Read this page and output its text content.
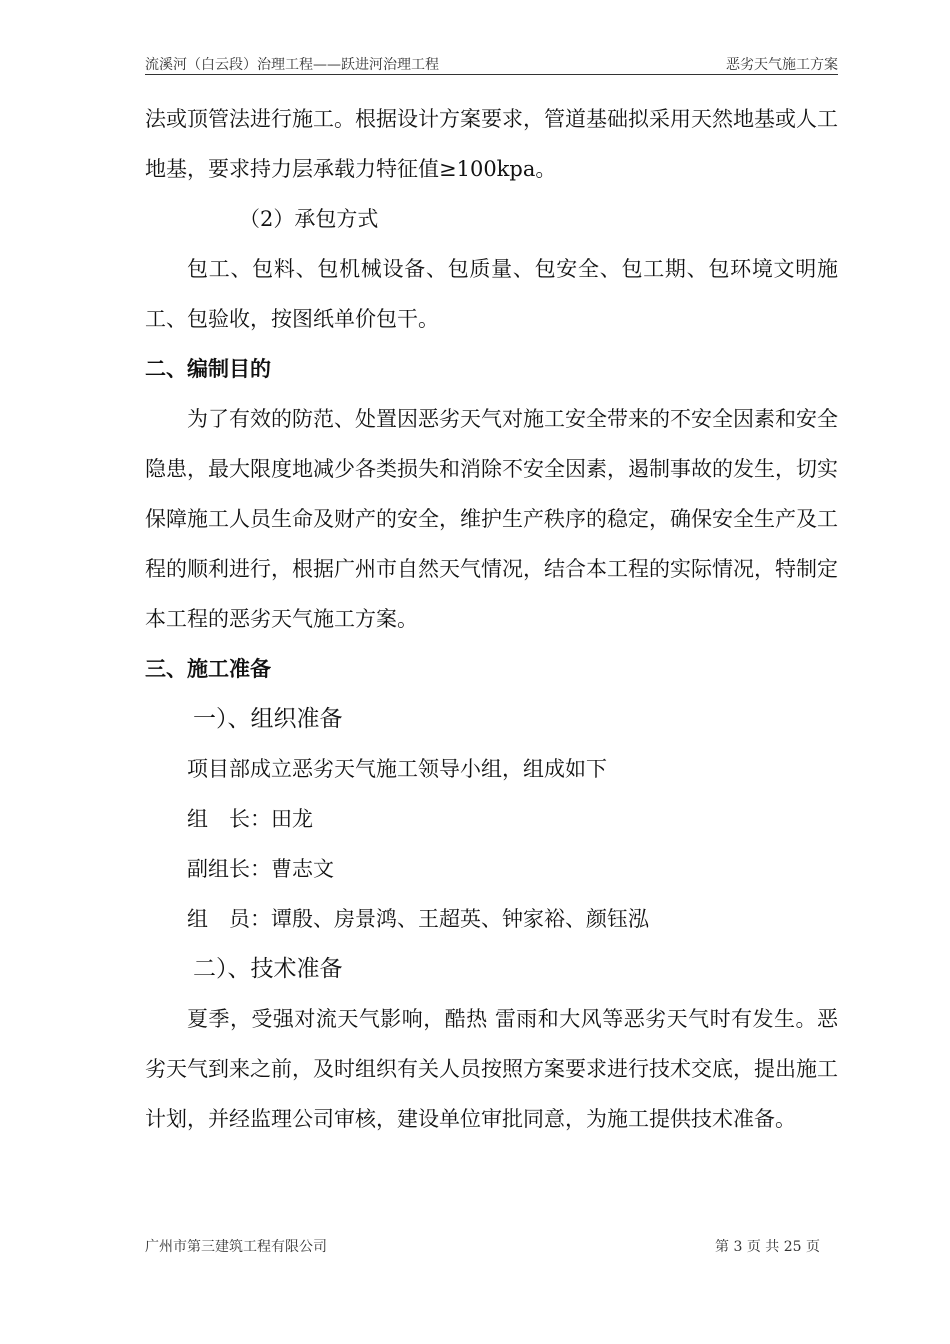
流溪河（白云段）治理工程——跃进河治理工程	恶劣天气施工方案

法或顶管法进行施工。根据设计方案要求，管道基础拟采用天然地基或人工地基，要求持力层承载力特征值≥100kpa。

（2）承包方式

包工、包料、包机械设备、包质量、包安全、包工期、包环境文明施工、包验收，按图纸单价包干。

二、编制目的

为了有效的防范、处置因恶劣天气对施工安全带来的不安全因素和安全隐患，最大限度地减少各类损失和消除不安全因素，遏制事故的发生，切实保障施工人员生命及财产的安全，维护生产秩序的稳定，确保安全生产及工程的顺利进行，根据广州市自然天气情况，结合本工程的实际情况，特制定本工程的恶劣天气施工方案。

三、施工准备

一）、组织准备

项目部成立恶劣天气施工领导小组，组成如下

组　长：田龙

副组长：曹志文

组　员：谭殷、房景鸿、王超英、钟家裕、颜钰泓

二）、技术准备

夏季，受强对流天气影响，酷热 雷雨和大风等恶劣天气时有发生。恶劣天气到来之前，及时组织有关人员按照方案要求进行技术交底，提出施工计划，并经监理公司审核，建设单位审批同意，为施工提供技术准备。

广州市第三建筑工程有限公司	第 3 页 共 25 页
